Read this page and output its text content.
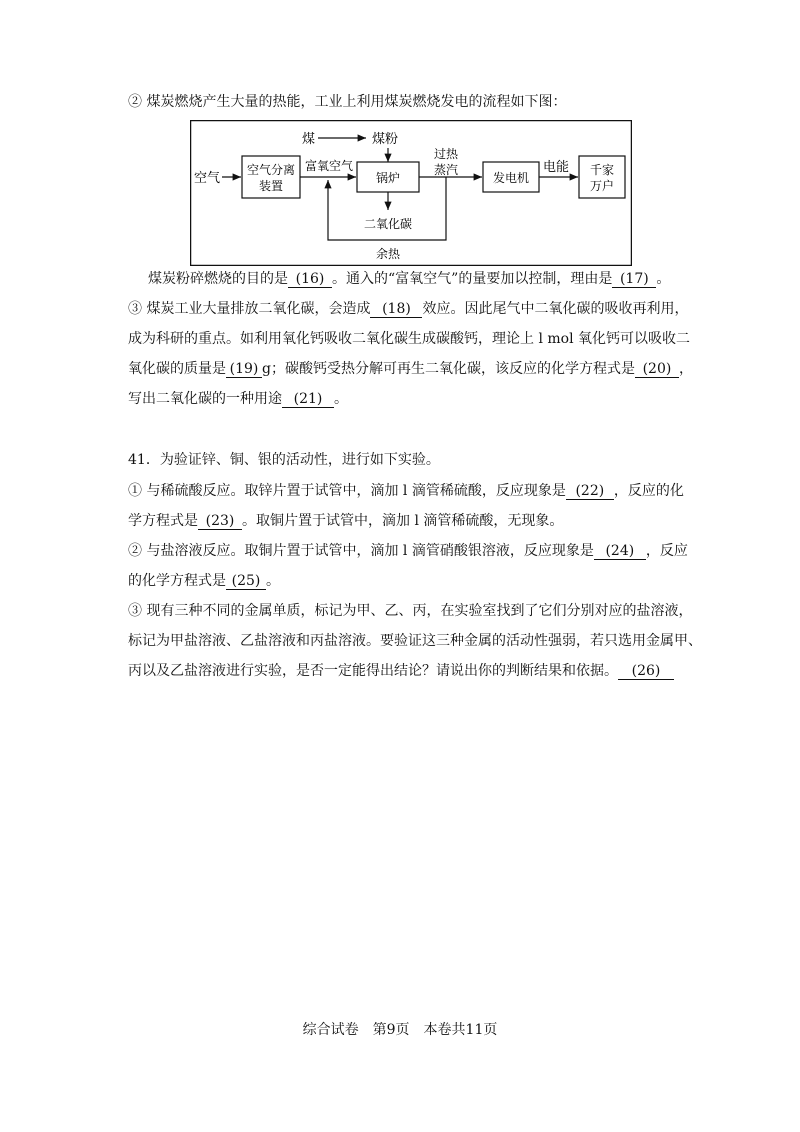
② 煤炭燃烧产生大量的热能，工业上利用煤炭燃烧发电的流程如下图：
煤	煤粉
空气
空气分离
装置
富氧空气
锅炉
过热
蒸汽
发电机
电能 千家
万户
二氧化碳
余热
煤炭粉碎燃烧的目的是 (16) 。通入的“富氧空气”的量要加以控制，理由是 (17) 。
③ 煤炭工业大量排放二氧化碳，会造成 (18) 效应。因此尾气中二氧化碳的吸收再利用，
成为科研的重点。如利用氧化钙吸收二氧化碳生成碳酸钙，理论上 l mol 氧化钙可以吸收二
氧化碳的质量是 (19) g；碳酸钙受热分解可再生二氧化碳，该反应的化学方程式是 (20) ，
写出二氧化碳的一种用途 (21) 。
41．为验证锌、铜、银的活动性，进行如下实验。
① 与稀硫酸反应。取锌片置于试管中，滴加 l 滴管稀硫酸，反应现象是 (22) ，反应的化
学方程式是 (23) 。取铜片置于试管中，滴加 l 滴管稀硫酸，无现象。
② 与盐溶液反应。取铜片置于试管中，滴加 l 滴管硝酸银溶液，反应现象是 (24) ，反应
的化学方程式是 (25) 。
③ 现有三种不同的金属单质，标记为甲、乙、丙，在实验室找到了它们分别对应的盐溶液，
标记为甲盐溶液、乙盐溶液和丙盐溶液。要验证这三种金属的活动性强弱，若只选用金属甲、
丙以及乙盐溶液进行实验，是否一定能得出结论？请说出你的判断结果和依据。 (26)
综合试卷　第9页　本卷共11页
